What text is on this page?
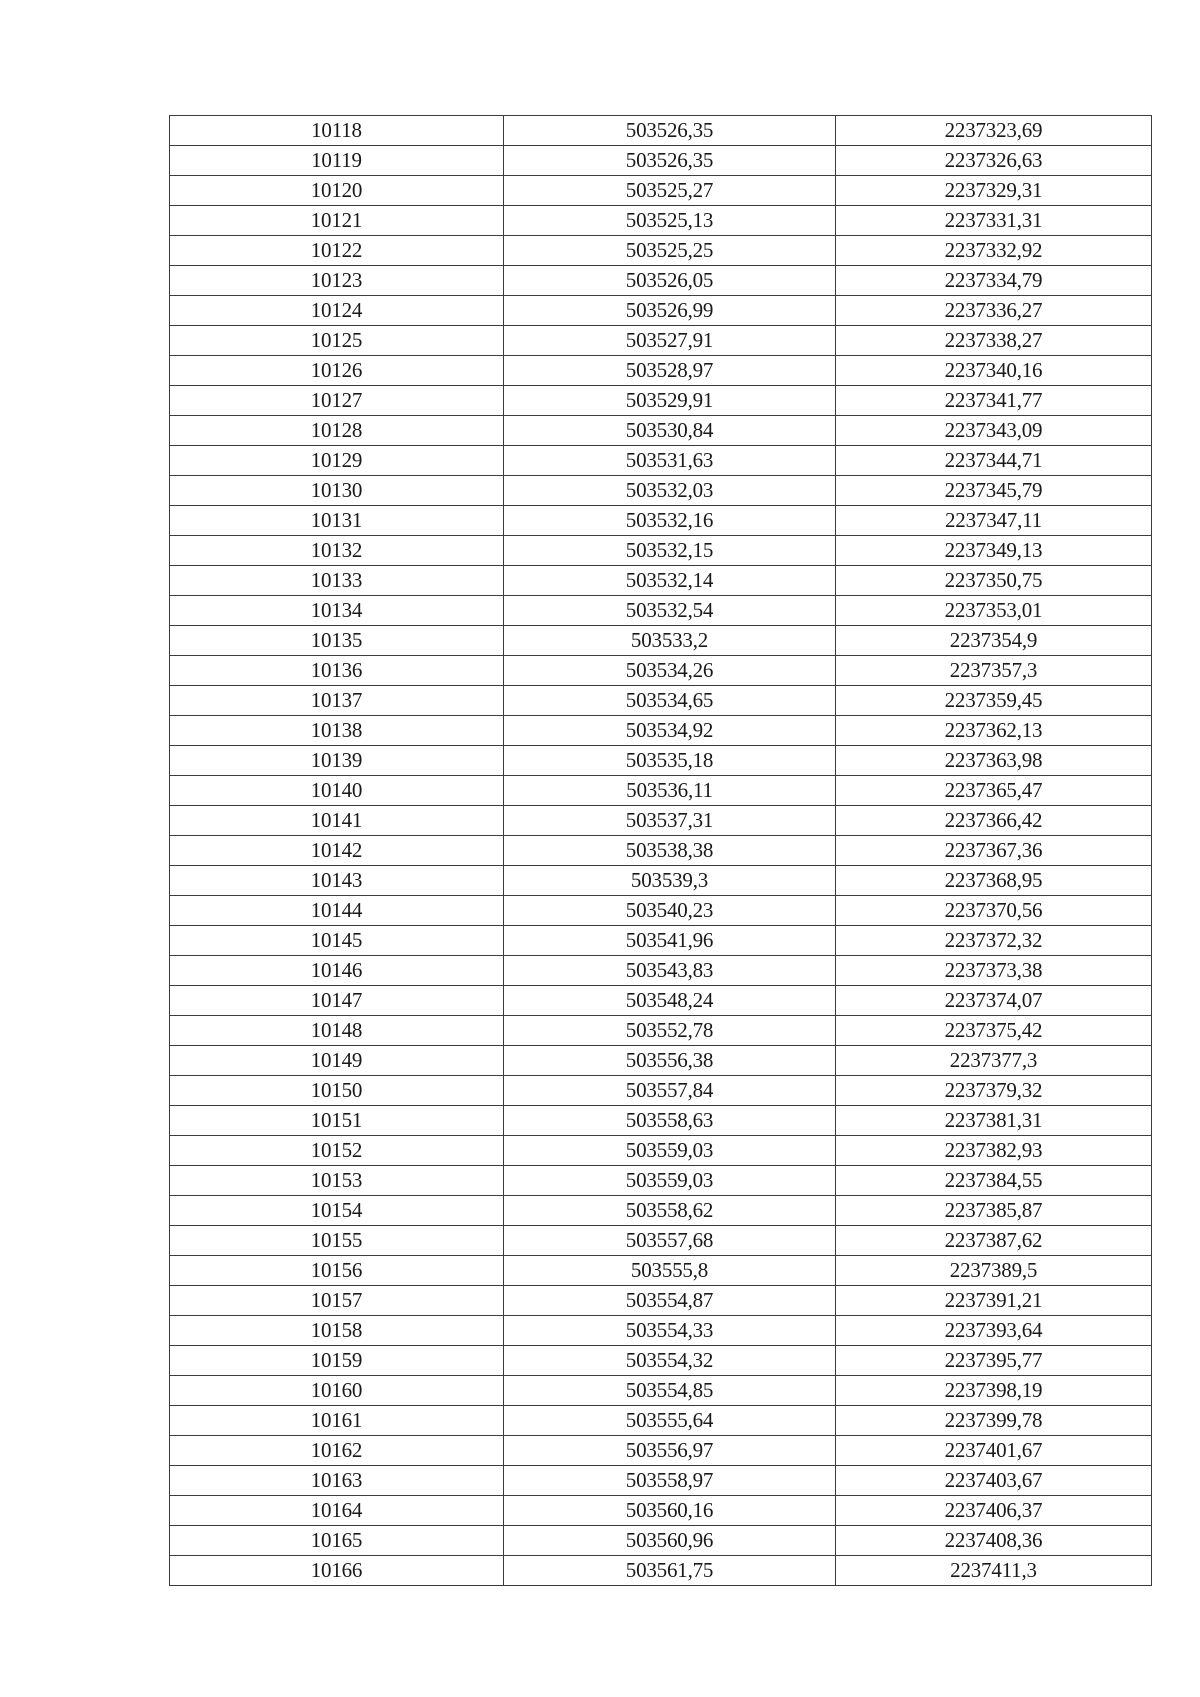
10118	503526,35	2237323,69
10119	503526,35	2237326,63
10120	503525,27	2237329,31
10121	503525,13	2237331,31
10122	503525,25	2237332,92
10123	503526,05	2237334,79
10124	503526,99	2237336,27
10125	503527,91	2237338,27
10126	503528,97	2237340,16
10127	503529,91	2237341,77
10128	503530,84	2237343,09
10129	503531,63	2237344,71
10130	503532,03	2237345,79
10131	503532,16	2237347,11
10132	503532,15	2237349,13
10133	503532,14	2237350,75
10134	503532,54	2237353,01
10135	503533,2	2237354,9
10136	503534,26	2237357,3
10137	503534,65	2237359,45
10138	503534,92	2237362,13
10139	503535,18	2237363,98
10140	503536,11	2237365,47
10141	503537,31	2237366,42
10142	503538,38	2237367,36
10143	503539,3	2237368,95
10144	503540,23	2237370,56
10145	503541,96	2237372,32
10146	503543,83	2237373,38
10147	503548,24	2237374,07
10148	503552,78	2237375,42
10149	503556,38	2237377,3
10150	503557,84	2237379,32
10151	503558,63	2237381,31
10152	503559,03	2237382,93
10153	503559,03	2237384,55
10154	503558,62	2237385,87
10155	503557,68	2237387,62
10156	503555,8	2237389,5
10157	503554,87	2237391,21
10158	503554,33	2237393,64
10159	503554,32	2237395,77
10160	503554,85	2237398,19
10161	503555,64	2237399,78
10162	503556,97	2237401,67
10163	503558,97	2237403,67
10164	503560,16	2237406,37
10165	503560,96	2237408,36
10166	503561,75	2237411,3
